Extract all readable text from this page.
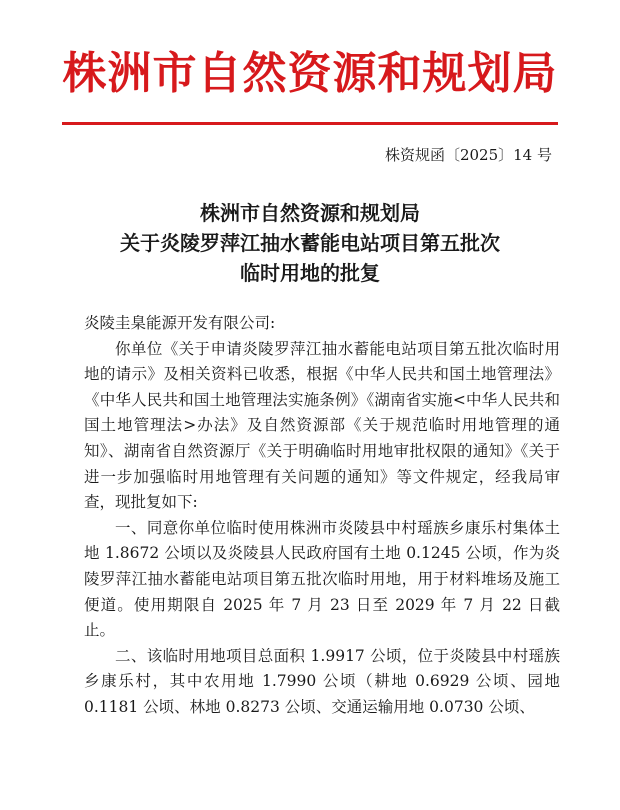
株洲市自然资源和规划局
株资规函〔2025〕14 号
株洲市自然资源和规划局
关于炎陵罗萍江抽水蓄能电站项目第五批次
临时用地的批复

炎陵圭臬能源开发有限公司:

你单位《关于申请炎陵罗萍江抽水蓄能电站项目第五批次临时用地的请示》及相关资料已收悉，根据《中华人民共和国土地管理法》《中华人民共和国土地管理法实施条例》《湖南省实施<中华人民共和国土地管理法>办法》及自然资源部《关于规范临时用地管理的通知》、湖南省自然资源厅《关于明确临时用地审批权限的通知》《关于进一步加强临时用地管理有关问题的通知》等文件规定，经我局审查，现批复如下:

一、同意你单位临时使用株洲市炎陵县中村瑶族乡康乐村集体土地 1.8672 公顷以及炎陵县人民政府国有土地 0.1245 公顷，作为炎陵罗萍江抽水蓄能电站项目第五批次临时用地，用于材料堆场及施工便道。使用期限自 2025 年 7 月 23 日至 2029 年 7 月 22 日截止。

二、该临时用地项目总面积 1.9917 公顷，位于炎陵县中村瑶族乡康乐村，其中农用地 1.7990 公顷（耕地 0.6929 公顷、园地 0.1181 公顷、林地 0.8273 公顷、交通运输用地 0.0730 公顷、
